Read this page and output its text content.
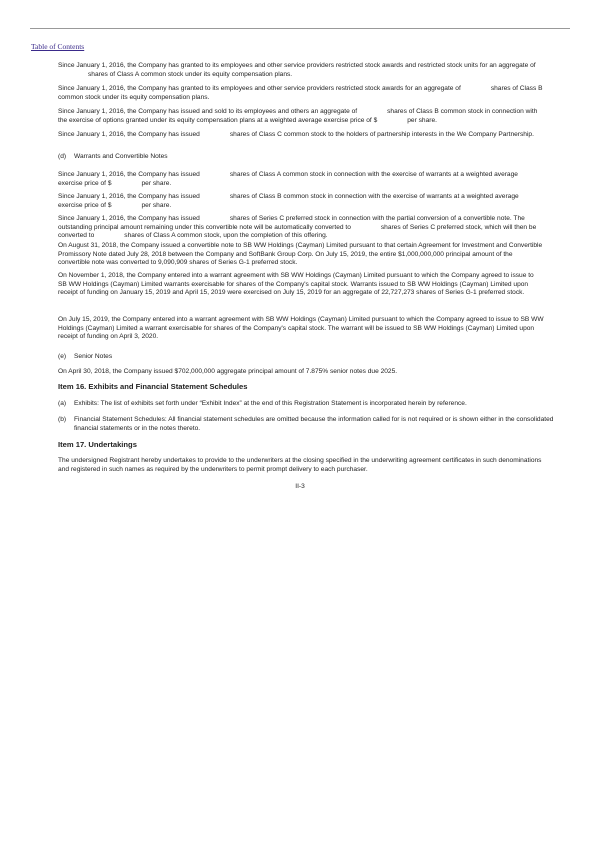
Table of Contents

Since January 1, 2016, the Company has granted to its employees and other service providers restricted stock awards and restricted stock units for an aggregate ofshares of Class A common stock under its equity compensation plans.

Since January 1, 2016, the Company has granted to its employees and other service providers restricted stock awards for an aggregate of	shares of Class B common stock under its equity compensation plans.

Since January 1, 2016, the Company has issued and sold to its employees and others an aggregate of	shares of Class B common stock in connection with the exercise of options granted under its equity compensation plans at a weighted average exercise price of $	per share.

Since January 1, 2016, the Company has issued	shares of Class C common stock to the holders of partnership interests in the We Company Partnership.

(d) Warrants and Convertible Notes

Since January 1, 2016, the Company has issued	shares of Class A common stock in connection with the exercise of warrants at a weighted average exercise price of $	per share.

Since January 1, 2016, the Company has issued	shares of Class B common stock in connection with the exercise of warrants at a weighted average exercise price of $	per share.

Since January 1, 2016, the Company has issued	shares of Series C preferred stock in connection with the partial conversion of a convertible note. The outstanding principal amount remaining under this convertible note will be automatically converted to	shares of Series C preferred stock, which will then be converted to	shares of Class A common stock, upon the completion of this offering.

On August 31, 2018, the Company issued a convertible note to SB WW Holdings (Cayman) Limited pursuant to that certain Agreement for Investment and Convertible Promissory Note dated July 28, 2018 between the Company and SoftBank Group Corp. On July 15, 2019, the entire $1,000,000,000 principal amount of the convertible note was converted to 9,090,909 shares of Series G-1 preferred stock.

On November 1, 2018, the Company entered into a warrant agreement with SB WW Holdings (Cayman) Limited pursuant to which the Company agreed to issue to SB WW Holdings (Cayman) Limited warrants exercisable for shares of the Company's capital stock. Warrants issued to SB WW Holdings (Cayman) Limited upon receipt of funding on January 15, 2019 and April 15, 2019 were exercised on July 15, 2019 for an aggregate of 22,727,273 shares of Series G-1 preferred stock.

On July 15, 2019, the Company entered into a warrant agreement with SB WW Holdings (Cayman) Limited pursuant to which the Company agreed to issue to SB WW Holdings (Cayman) Limited a warrant exercisable for shares of the Company's capital stock. The warrant will be issued to SB WW Holdings (Cayman) Limited upon receipt of funding on April 3, 2020.

(e) Senior Notes

On April 30, 2018, the Company issued $702,000,000 aggregate principal amount of 7.875% senior notes due 2025.

Item 16. Exhibits and Financial Statement Schedules
(a) Exhibits: The list of exhibits set forth under “Exhibit Index” at the end of this Registration Statement is incorporated herein by reference.
(b) Financial Statement Schedules: All financial statement schedules are omitted because the information called for is not required or is shown either in the consolidated financial statements or in the notes thereto.
Item 17. Undertakings

The undersigned Registrant hereby undertakes to provide to the underwriters at the closing specified in the underwriting agreement certificates in such denominations and registered in such names as required by the underwriters to permit prompt delivery to each purchaser.

II-3
